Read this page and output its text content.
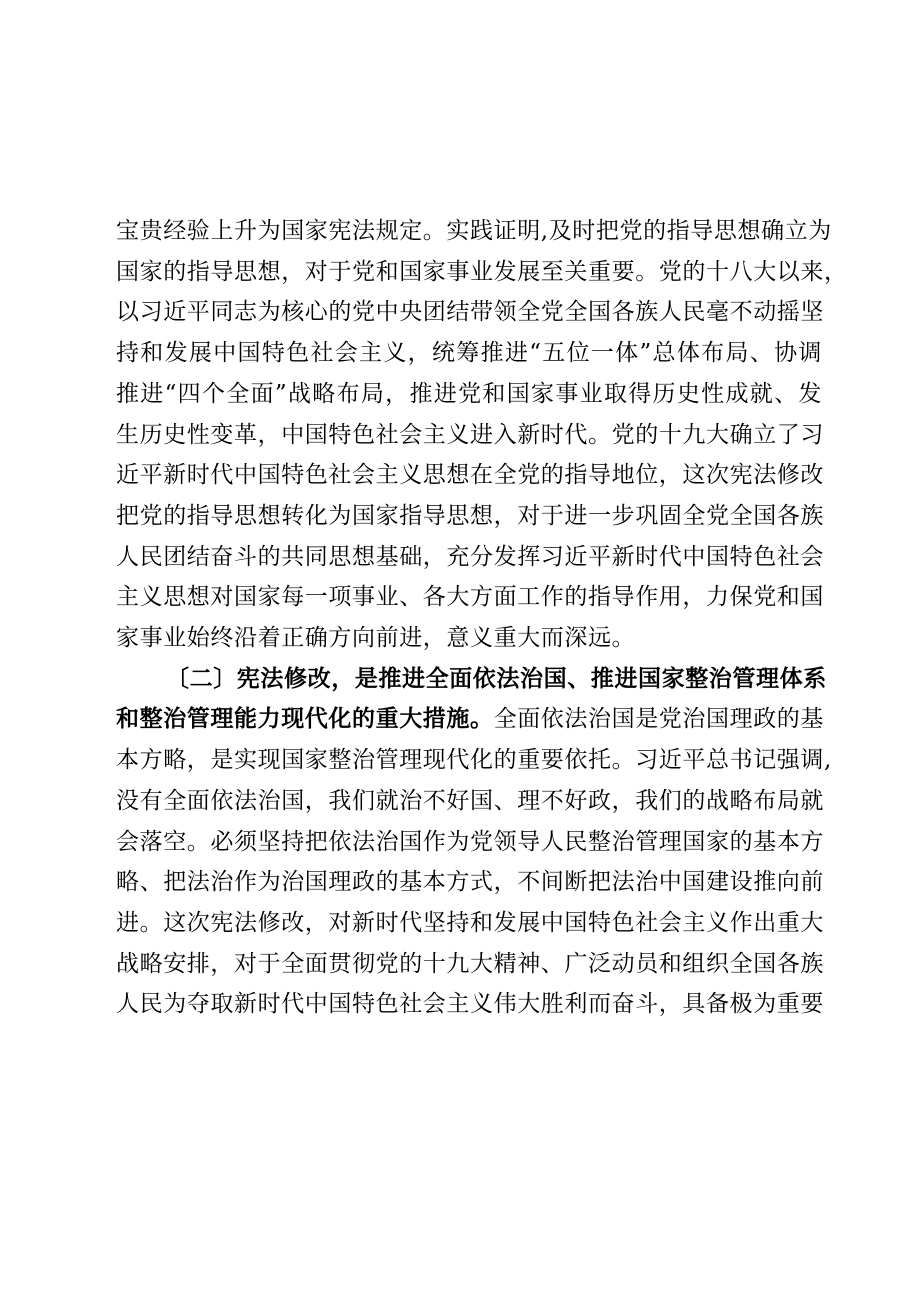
宝贵经验上升为国家宪法规定。实践证明,及时把党的指导思想确立为
国家的指导思想，对于党和国家事业发展至关重要。党的十八大以来，
以习近平同志为核心的党中央团结带领全党全国各族人民毫不动摇坚
持和发展中国特色社会主义，统筹推进“五位一体”总体布局、协调
推进“四个全面”战略布局，推进党和国家事业取得历史性成就、发
生历史性变革，中国特色社会主义进入新时代。党的十九大确立了习
近平新时代中国特色社会主义思想在全党的指导地位，这次宪法修改
把党的指导思想转化为国家指导思想，对于进一步巩固全党全国各族
人民团结奋斗的共同思想基础，充分发挥习近平新时代中国特色社会
主义思想对国家每一项事业、各大方面工作的指导作用，力保党和国
家事业始终沿着正确方向前进，意义重大而深远。
〔二〕宪法修改，是推进全面依法治国、推进国家整治管理体系
和整治管理能力现代化的重大措施。全面依法治国是党治国理政的基
本方略，是实现国家整治管理现代化的重要依托。习近平总书记强调,
没有全面依法治国，我们就治不好国、理不好政，我们的战略布局就
会落空。必须坚持把依法治国作为党领导人民整治管理国家的基本方
略、把法治作为治国理政的基本方式，不间断把法治中国建设推向前
进。这次宪法修改，对新时代坚持和发展中国特色社会主义作出重大
战略安排，对于全面贯彻党的十九大精神、广泛动员和组织全国各族
人民为夺取新时代中国特色社会主义伟大胜利而奋斗，具备极为重要
